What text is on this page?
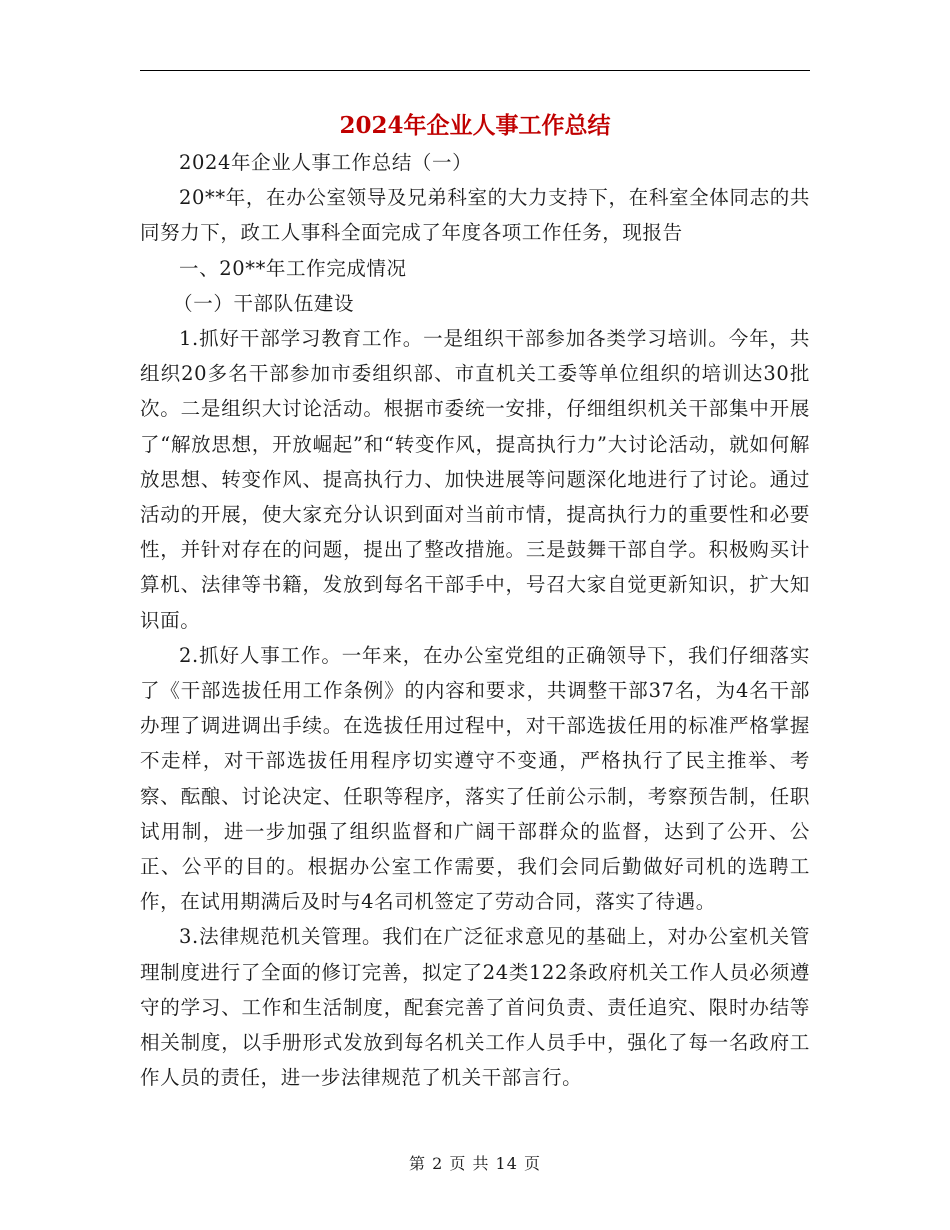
2024年企业人事工作总结

2024年企业人事工作总结（一）

20**年，在办公室领导及兄弟科室的大力支持下，在科室全体同志的共同努力下，政工人事科全面完成了年度各项工作任务，现报告

一、20**年工作完成情况

（一）干部队伍建设

1.抓好干部学习教育工作。一是组织干部参加各类学习培训。今年，共组织20多名干部参加市委组织部、市直机关工委等单位组织的培训达30批次。二是组织大讨论活动。根据市委统一安排，仔细组织机关干部集中开展了“解放思想，开放崛起”和“转变作风，提高执行力”大讨论活动，就如何解放思想、转变作风、提高执行力、加快进展等问题深化地进行了讨论。通过活动的开展，使大家充分认识到面对当前市情，提高执行力的重要性和必要性，并针对存在的问题，提出了整改措施。三是鼓舞干部自学。积极购买计算机、法律等书籍，发放到每名干部手中，号召大家自觉更新知识，扩大知识面。

2.抓好人事工作。一年来，在办公室党组的正确领导下，我们仔细落实了《干部选拔任用工作条例》的内容和要求，共调整干部37名，为4名干部办理了调进调出手续。在选拔任用过程中，对干部选拔任用的标准严格掌握不走样，对干部选拔任用程序切实遵守不变通，严格执行了民主推举、考察、酝酿、讨论决定、任职等程序，落实了任前公示制，考察预告制，任职试用制，进一步加强了组织监督和广阔干部群众的监督，达到了公开、公正、公平的目的。根据办公室工作需要，我们会同后勤做好司机的选聘工作，在试用期满后及时与4名司机签定了劳动合同，落实了待遇。

3.法律规范机关管理。我们在广泛征求意见的基础上，对办公室机关管理制度进行了全面的修订完善，拟定了24类122条政府机关工作人员必须遵守的学习、工作和生活制度，配套完善了首问负责、责任追究、限时办结等相关制度，以手册形式发放到每名机关工作人员手中，强化了每一名政府工作人员的责任，进一步法律规范了机关干部言行。

第 2 页 共 14 页
